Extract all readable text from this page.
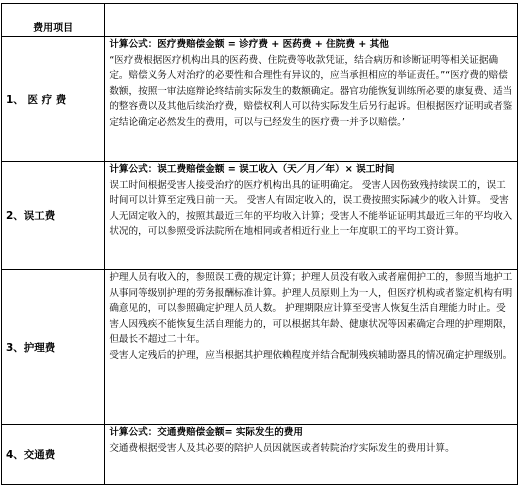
费用项目	
1、 医 疗 费	计算公式：医疗费赔偿金额 = 诊疗费 + 医药费 + 住院费 + 其他
“医疗费根据医疗机构出具的医药费、住院费等收款凭证，结合病历和诊断证明等相关证据确定。赔偿义务人对治疗的必要性和合理性有异议的，应当承担相应的举证责任。”“医疗费的赔偿数额，按照一审法庭辩论终结前实际发生的数额确定。器官功能恢复训练所必要的康复费、适当的整容费以及其他后续治疗费，赔偿权利人可以待实际发生后另行起诉。但根据医疗证明或者鉴定结论确定必然发生的费用，可以与已经发生的医疗费一并予以赔偿。’

2、误工费	计算公式：误工费赔偿金额 = 误工收入（天／月／年）× 误工时间
误工时间根据受害人接受治疗的医疗机构出具的证明确定。 受害人因伤致残持续误工的，误工时间可以计算至定残日前一天。 受害人有固定收入的，误工费按照实际减少的收入计算。 受害人无固定收入的，按照其最近三年的平均收入计算；受害人不能举证证明其最近三年的平均收入状况的，可以参照受诉法院所在地相同或者相近行业上一年度职工的平均工资计算。

3、护理费	护理人员有收入的，参照误工费的规定计算；护理人员没有收入或者雇佣护工的，参照当地护工从事同等级别护理的劳务报酬标准计算。护理人员原则上为一人，但医疗机构或者鉴定机构有明确意见的，可以参照确定护理人员人数。 护理期限应计算至受害人恢复生活自理能力时止。受害人因残疾不能恢复生活自理能力的，可以根据其年龄、健康状况等因素确定合理的护理期限，但最长不超过二十年。
受害人定残后的护理，应当根据其护理依赖程度并结合配制残疾辅助器具的情况确定护理级别。

4、交通费	计算公式：交通费赔偿金额= 实际发生的费用
交通费根据受害人及其必要的陪护人员因就医或者转院治疗实际发生的费用计算。
